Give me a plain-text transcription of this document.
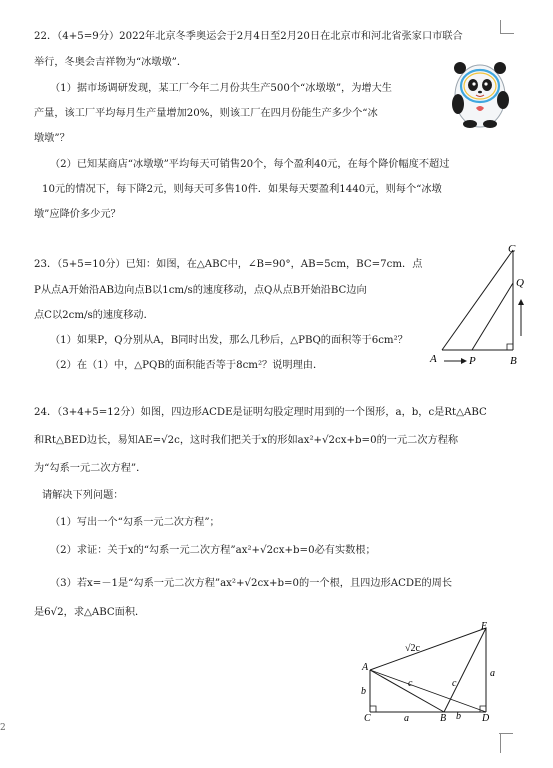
2
22．（4+5=9分）2022年北京冬季奥运会于2月4日至2月20日在北京市和河北省张家口市联合
举行，冬奥会吉祥物为“冰墩墩”．
（1）据市场调研发现，某工厂今年二月份共生产500个“冰墩墩”，为增大生
产量，该工厂平均每月生产量增加20%，则该工厂在四月份能生产多少个“冰
墩墩”？
（2）已知某商店“冰墩墩”平均每天可销售20个，每个盈利40元，在每个降价幅度不超过
10元的情况下，每下降2元，则每天可多售10件．如果每天要盈利1440元，则每个“冰墩
墩”应降价多少元？
23．（5+5=10分）已知：如图，在△ABC中，∠B=90°，AB=5cm，BC=7cm．点
P从点A开始沿AB边向点B以1cm/s的速度移动，点Q从点B开始沿BC边向
点C以2cm/s的速度移动．
（1）如果P，Q分别从A，B同时出发，那么几秒后，△PBQ的面积等于6cm²？
（2）在（1）中，△PQB的面积能否等于8cm²？说明理由．
C
Q
A	P	B
24．（3+4+5=12分）如图，四边形ACDE是证明勾股定理时用到的一个图形，a，b，c是Rt△ABC
和Rt△BED边长，易知AE=√2c，这时我们把关于x的形如ax²+√2cx+b=0的一元二次方程称
为“勾系一元二次方程”．
请解决下列问题：
（1）写出一个“勾系一元二次方程”；
（2）求证：关于x的“勾系一元二次方程”ax²+√2cx+b=0必有实数根；
（3）若x=－1是“勾系一元二次方程”ax²+√2cx+b=0的一个根，且四边形ACDE的周长
是6√2，求△ABC面积．
E
√2c
A
a
c	c
b
b
C	a	B	D
